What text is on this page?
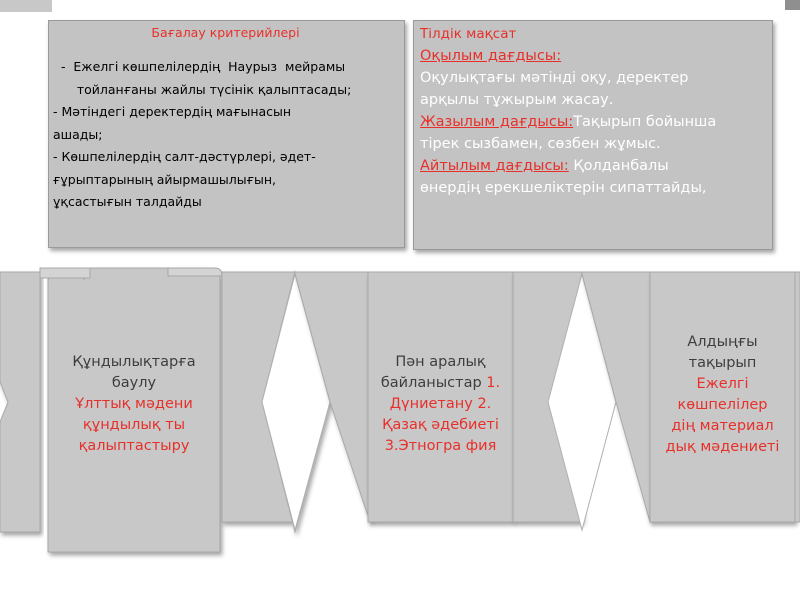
Бағалау критерийлері
-  Ежелгі көшпелілердің  Наурыз  мейрамы
тойланғаны жайлы түсінік қалыптасады;
- Мәтіндегі деректердің мағынасын
ашады;
- Көшпелілердің салт-дәстүрлері, әдет-
ғұрыптарының айырмашылығын,
ұқсастығын талдайды
Тілдік мақсат
Оқылым дағдысы:
Оқулықтағы мәтінді оқу, деректер
арқылы тұжырым жасау.
Жазылым дағдысы:Тақырып бойынша
тірек сызбамен, сөзбен жұмыс.
Айтылым дағдысы: Қолданбалы
өнердің ерекшеліктерін сипаттайды,
Құндылықтарға
баулу
Ұлттық мәдени
құндылық ты
қалыптастыру
Пән аралық
байланыстар 1.
Дүниетану 2.
Қазақ әдебиеті
3.Этногра фия
Алдыңғы
тақырып
Ежелгі
көшпелілер
дің материал
дық мәдениеті
